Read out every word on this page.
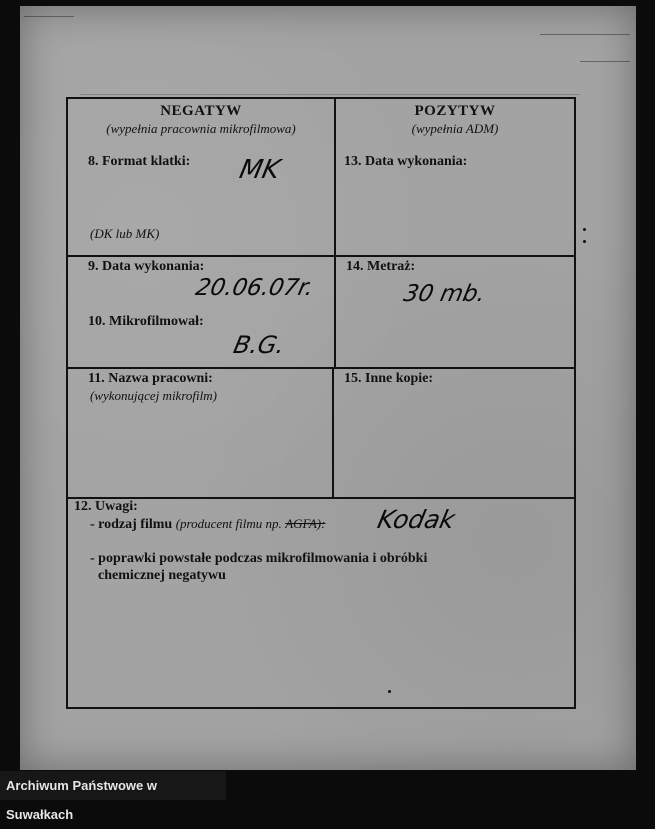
NEGATYW
(wypełnia pracownia mikrofilmowa)
POZYTYW
(wypełnia ADM)
8. Format klatki: MK
(DK lub MK)
13. Data wykonania:
9. Data wykonania:
20.06.07r.
10. Mikrofilmował:
B.G.
14. Metraż:
30 mb.
11. Nazwa pracowni:
(wykonującej mikrofilm)
15. Inne kopie:
12. Uwagi:
- rodzaj filmu (producent filmu np. AGFA): Kodak
- poprawki powstałe podczas mikrofilmowania i obróbki
chemicznej negatywu
Archiwum Państwowe w Suwałkach
